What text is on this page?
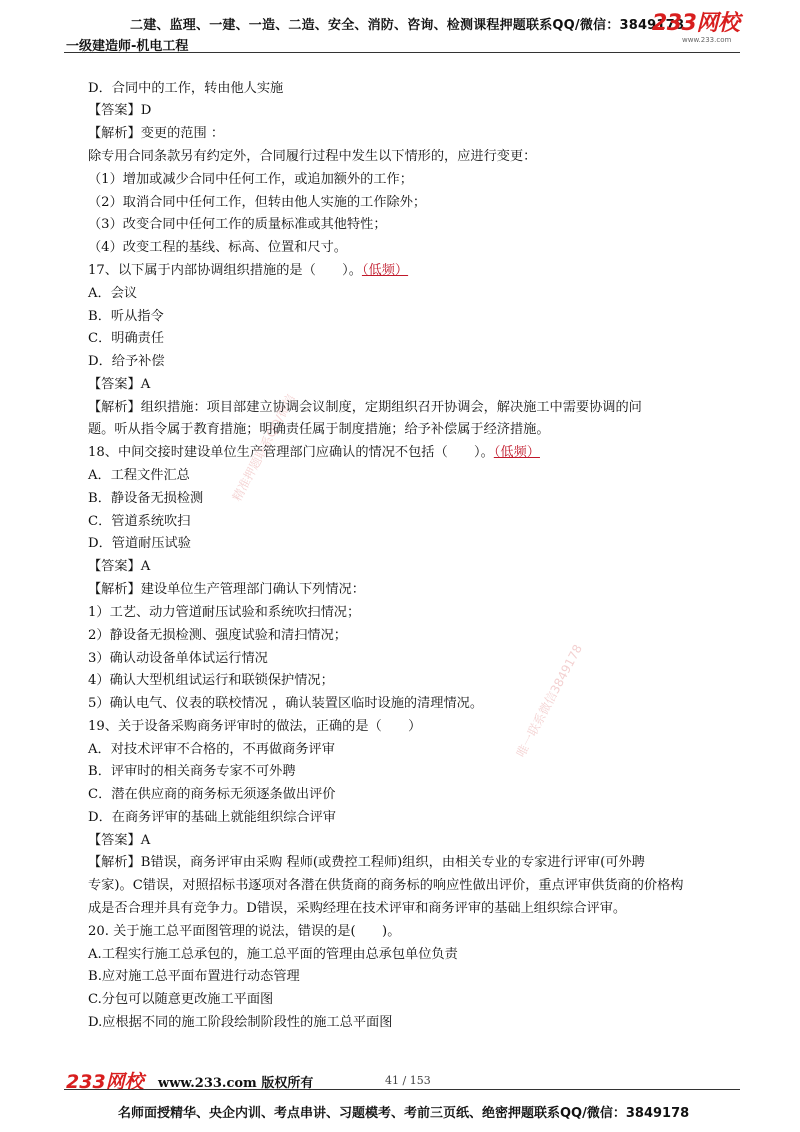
二建、监理、一建、一造、二造、安全、消防、咨询、检测课程押题联系QQ/微信：3849178
一级建造师-机电工程
233网校
www.233.com
精准押题联系QQ/微信
唯一联系微信3849178
D．合同中的工作，转由他人实施
【答案】D
【解析】变更的范围 ：
除专用合同条款另有约定外，合同履行过程中发生以下情形的，应进行变更：
（1）增加或减少合同中任何工作，或追加额外的工作；
（2）取消合同中任何工作，但转由他人实施的工作除外；
（3）改变合同中任何工作的质量标准或其他特性；
（4）改变工程的基线、标高、位置和尺寸。
17、以下属于内部协调组织措施的是（　　）。（低频）
A．会议
B．听从指令
C．明确责任
D．给予补偿
【答案】A
【解析】组织措施：项目部建立协调会议制度，定期组织召开协调会，解决施工中需要协调的问
题。听从指令属于教育措施；明确责任属于制度措施；给予补偿属于经济措施。
18、中间交接时建设单位生产管理部门应确认的情况不包括（　　）。（低频）
A．工程文件汇总
B．静设备无损检测
C．管道系统吹扫
D．管道耐压试验
【答案】A
【解析】建设单位生产管理部门确认下列情况：
1）工艺、动力管道耐压试验和系统吹扫情况；
2）静设备无损检测、强度试验和清扫情况；
3）确认动设备单体试运行情况
4）确认大型机组试运行和联锁保护情况；
5）确认电气、仪表的联校情况 ，确认装置区临时设施的清理情况。
19、关于设备采购商务评审时的做法，正确的是（　　）
A．对技术评审不合格的，不再做商务评审
B．评审时的相关商务专家不可外聘
C．潜在供应商的商务标无须逐条做出评价
D．在商务评审的基础上就能组织综合评审
【答案】A
【解析】B错误，商务评审由采购 程师(或费控工程师)组织，由相关专业的专家进行评审(可外聘
专家)。C错误，对照招标书逐项对各潜在供货商的商务标的响应性做出评价，重点评审供货商的价格构
成是否合理并具有竞争力。D错误，采购经理在技术评审和商务评审的基础上组织综合评审。
20. 关于施工总平面图管理的说法，错误的是(　　)。
A.工程实行施工总承包的，施工总平面的管理由总承包单位负责
B.应对施工总平面布置进行动态管理
C.分包可以随意更改施工平面图
D.应根据不同的施工阶段绘制阶段性的施工总平面图
233网校 www.233.com 版权所有	41 / 153
名师面授精华、央企内训、考点串讲、习题模考、考前三页纸、绝密押题联系QQ/微信：3849178
